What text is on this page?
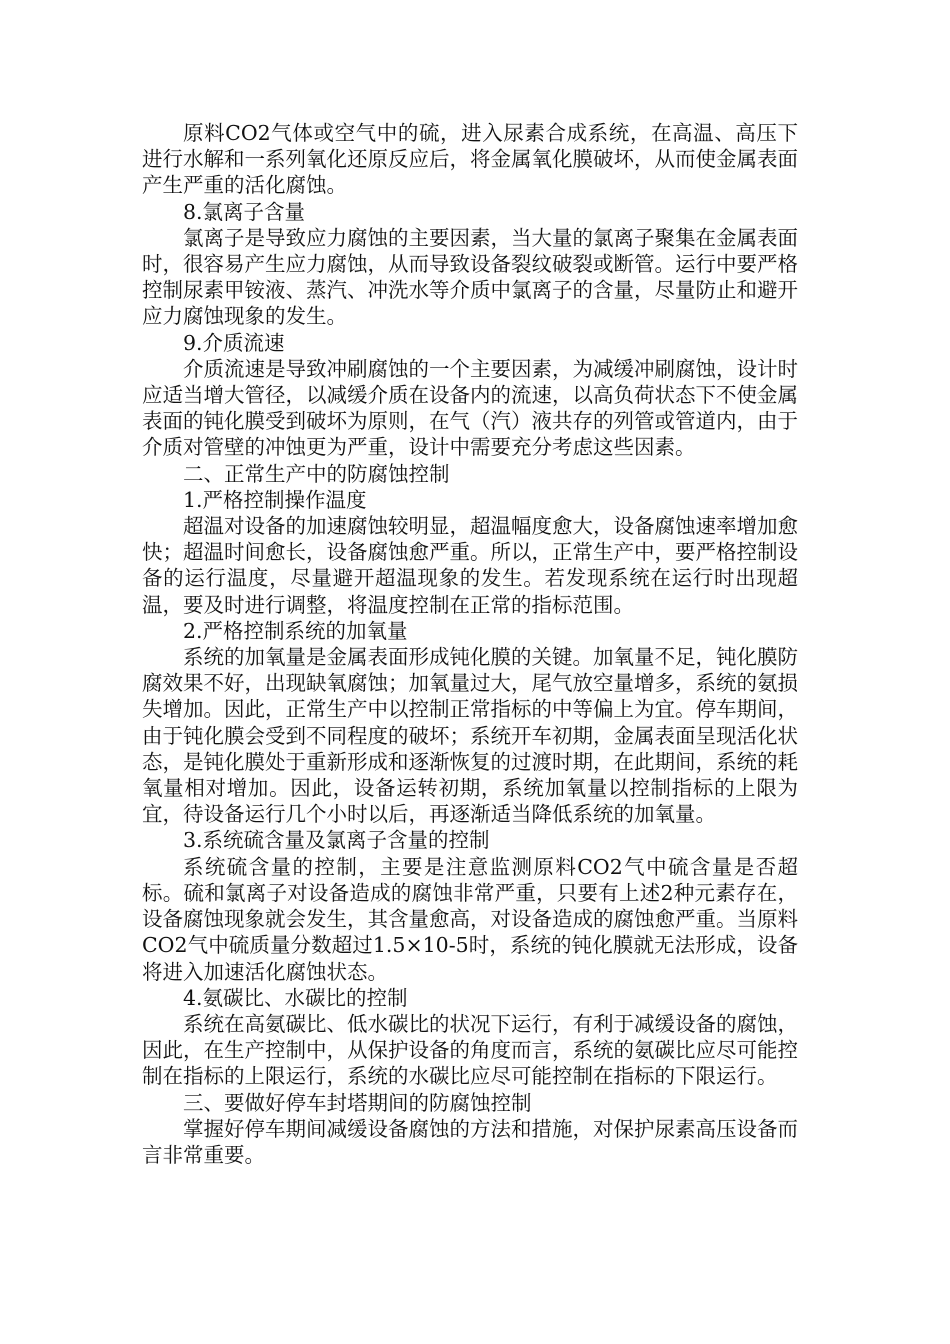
原料CO2气体或空气中的硫，进入尿素合成系统，在高温、高压下进行水解和一系列氧化还原反应后，将金属氧化膜破坏，从而使金属表面产生严重的活化腐蚀。

8.氯离子含量

氯离子是导致应力腐蚀的主要因素，当大量的氯离子聚集在金属表面时，很容易产生应力腐蚀，从而导致设备裂纹破裂或断管。运行中要严格控制尿素甲铵液、蒸汽、冲洗水等介质中氯离子的含量，尽量防止和避开应力腐蚀现象的发生。

9.介质流速

介质流速是导致冲刷腐蚀的一个主要因素，为减缓冲刷腐蚀，设计时应适当增大管径，以减缓介质在设备内的流速，以高负荷状态下不使金属表面的钝化膜受到破坏为原则，在气（汽）液共存的列管或管道内，由于介质对管壁的冲蚀更为严重，设计中需要充分考虑这些因素。

二、正常生产中的防腐蚀控制

1.严格控制操作温度

超温对设备的加速腐蚀较明显，超温幅度愈大，设备腐蚀速率增加愈快；超温时间愈长，设备腐蚀愈严重。所以，正常生产中，要严格控制设备的运行温度，尽量避开超温现象的发生。若发现系统在运行时出现超温，要及时进行调整，将温度控制在正常的指标范围。

2.严格控制系统的加氧量

系统的加氧量是金属表面形成钝化膜的关键。加氧量不足，钝化膜防腐效果不好，出现缺氧腐蚀；加氧量过大，尾气放空量增多，系统的氨损失增加。因此，正常生产中以控制正常指标的中等偏上为宜。停车期间，由于钝化膜会受到不同程度的破坏；系统开车初期，金属表面呈现活化状态，是钝化膜处于重新形成和逐渐恢复的过渡时期，在此期间，系统的耗氧量相对增加。因此，设备运转初期，系统加氧量以控制指标的上限为宜，待设备运行几个小时以后，再逐渐适当降低系统的加氧量。

3.系统硫含量及氯离子含量的控制

系统硫含量的控制，主要是注意监测原料CO2气中硫含量是否超标。硫和氯离子对设备造成的腐蚀非常严重，只要有上述2种元素存在，设备腐蚀现象就会发生，其含量愈高，对设备造成的腐蚀愈严重。当原料CO2气中硫质量分数超过1.5×10-5时，系统的钝化膜就无法形成，设备将进入加速活化腐蚀状态。

4.氨碳比、水碳比的控制

系统在高氨碳比、低水碳比的状况下运行，有利于减缓设备的腐蚀，因此，在生产控制中，从保护设备的角度而言，系统的氨碳比应尽可能控制在指标的上限运行，系统的水碳比应尽可能控制在指标的下限运行。

三、要做好停车封塔期间的防腐蚀控制

掌握好停车期间减缓设备腐蚀的方法和措施，对保护尿素高压设备而言非常重要。
